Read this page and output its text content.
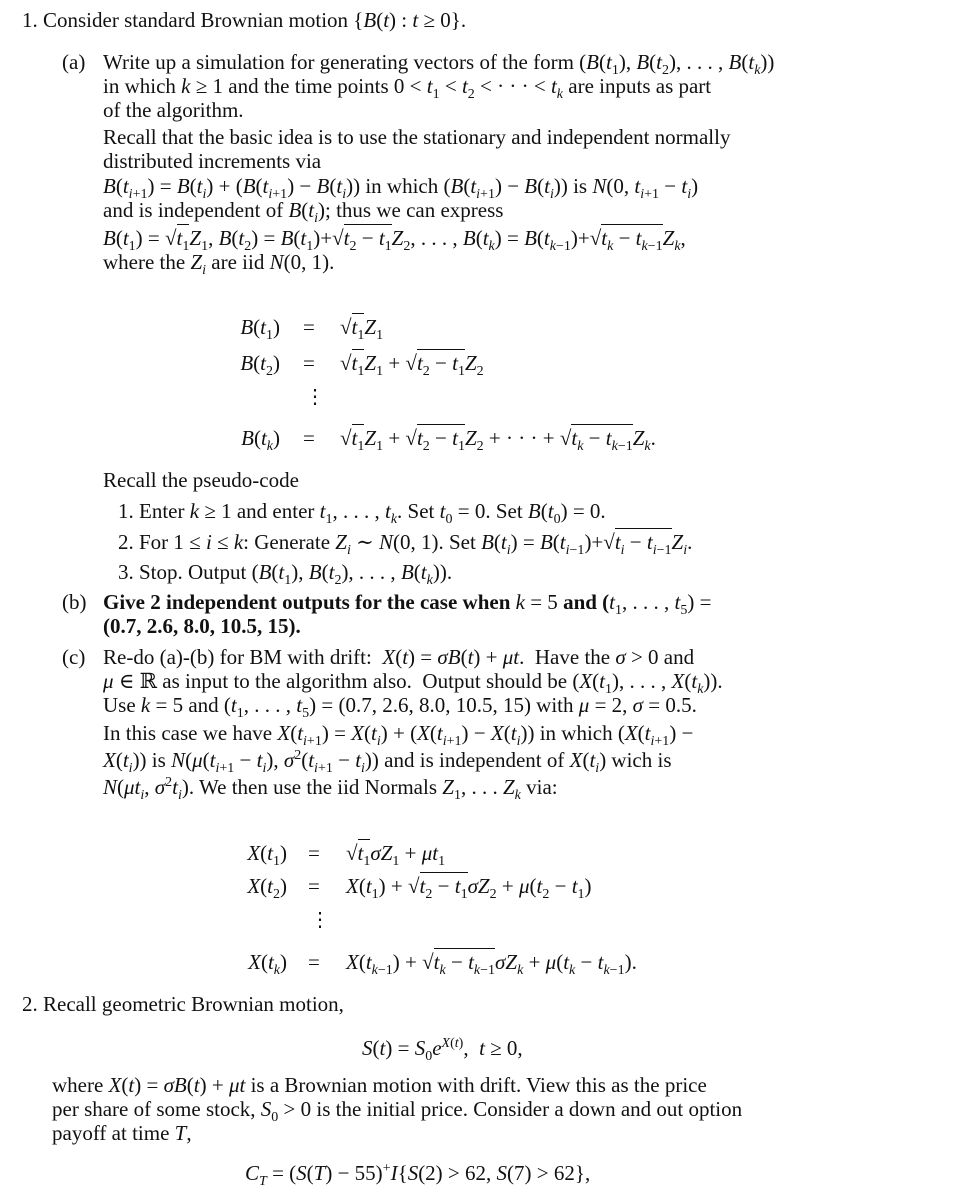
1. Consider standard Brownian motion {B(t) : t ≥ 0}.
(a) Write up a simulation for generating vectors of the form ($B(t_1)$, $B(t_2)$, . . . , $B(t_k)$)
in which k ≥ 1 and the time points $0 < t_1 < t_2$ < · · · < $t_k$ are inputs as part
of the algorithm.
Recall that the basic idea is to use the stationary and independent normally
distributed increments via
$B(t_{i+1}) = B(t_i) + (B(t_{i+1}) - B(t_i))$ in which $(B(t_{i+1}) - B(t_i))$ is N(0, $t_{i+1} - t_i$)
and is independent of $B(t_i)$; thus we can express
$B(t_1) = √t_1Z_1$, $B(t_2) = B(t_1)+√t_2 - t_1Z_2$, . . . , $B(t_k) = B(t_{k-1})+√t_k - t_{k-1}Z_k$,
where the $Z_i$ are iid N(0, 1).
$B(t_1) = √t_1Z_1$
$B(t_2) = √t_1Z_1 + √t_2 - t_1Z_2$
⋮
$B(t_k) = √t_1Z_1 + √t_2 - t_1Z_2$ + · · · + $√t_k - t_{k-1}Z_k$.
Recall the pseudo-code
1. Enter k ≥ 1 and enter $t_1$, . . . , $t_k$. Set $t_0 = 0$. Set $B(t_0) = 0$.
2. For 1 ≤ i ≤ k: Generate $Z_i$ ∼ N(0, 1). Set $B(t_i) = B(t_{i-1})+√t_i - t_{i-1}Z_i$.
3. Stop. Output ($B(t_1)$, $B(t_2)$, . . . , $B(t_k)$).
(b) Give 2 independent outputs for the case when k = 5 and ($t_1$, . . . , $t_5$) =
(0.7, 2.6, 8.0, 10.5, 15).
(c) Re-do (a)-(b) for BM with drift:  X(t) = σB(t) + μt.  Have the σ > 0 and
μ ∈ ℝ as input to the algorithm also.  Output should be ($X(t_1)$, . . . , $X(t_k)$).
Use k = 5 and ($t_1$, . . . , $t_5) = (0.7$, 2.6, 8.0, 10.5, 15) with μ = 2, σ = 0.5.
In this case we have $X(t_{i+1}) = X(t_i) + (X(t_{i+1}) - X(t_i))$ in which ($X(t_{i+1})$ −
$X(t_i)$) is $N(\mu(t_{i+1} - t_i)$, $\sigma^2(t_{i+1} - t_i)$) and is independent of $X(t_i)$ wich is
$N(\mu t_i$, $\sigma^2t_i$). We then use the iid Normals $Z_1$, . . . $Z_k$ via:
$X(t_1) = √t_1\sigma Z_1 + \mu t_1$
$X(t_2) = X(t_1) + √t_2 - t_1\sigma Z_2 + \mu(t_2 - t_1)$
⋮
$X(t_k) = X(t_{k-1}) + √t_k - t_{k-1}\sigma Z_k + \mu(t_k - t_{k-1})$.
2. Recall geometric Brownian motion,
$S(t) = S_0e^{X(t)}$,  t ≥ 0,
where X(t) = σB(t) + μt is a Brownian motion with drift. View this as the price
per share of some stock, $S_0 > 0$ is the initial price. Consider a down and out option
payoff at time T,
$C_T = (S(T) - 55)^+I\{S(2) > 62$, S(7) > 62},
